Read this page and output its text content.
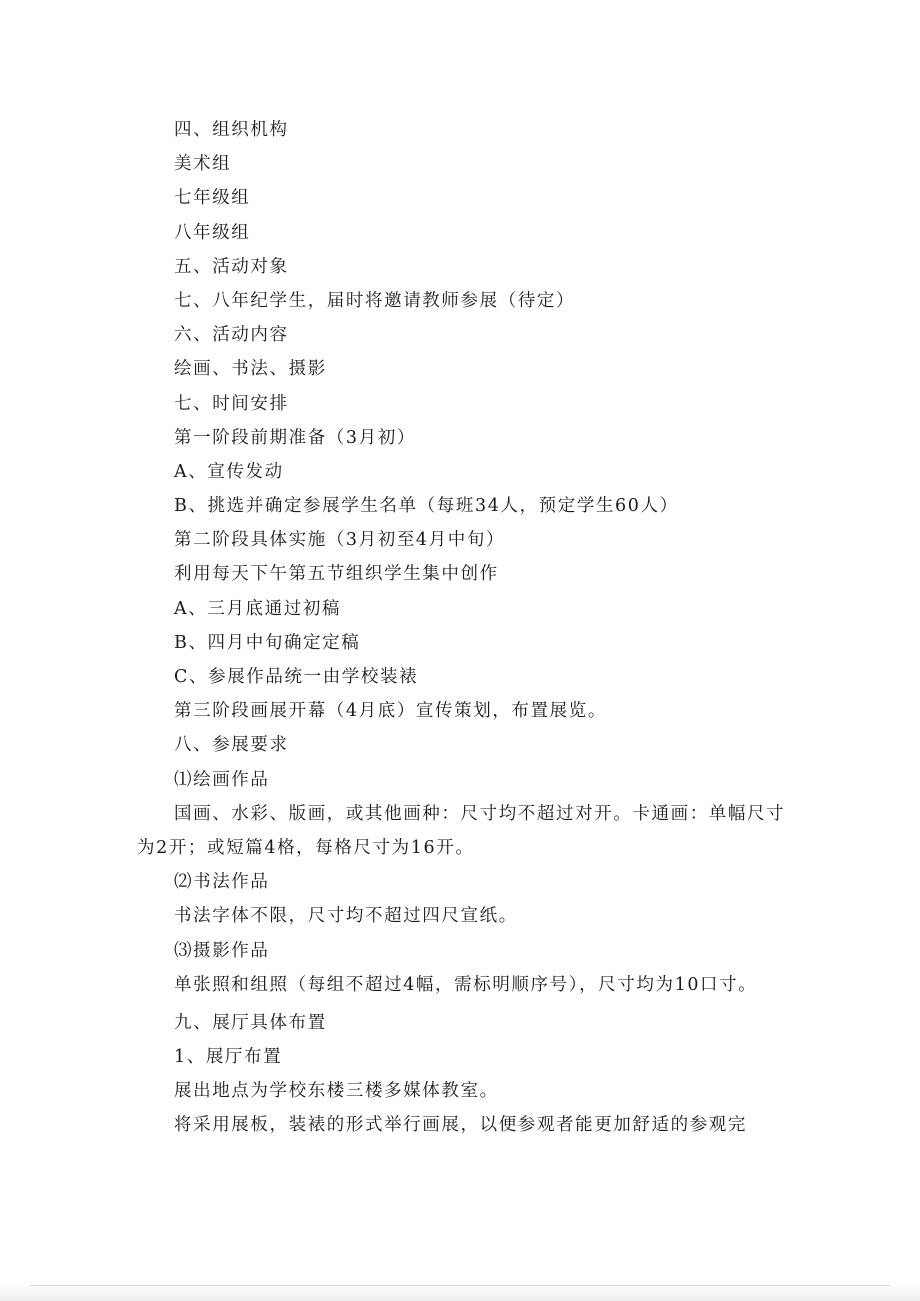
四、组织机构
美术组
七年级组
八年级组
五、活动对象
七、八年纪学生，届时将邀请教师参展（待定）
六、活动内容
绘画、书法、摄影
七、时间安排
第一阶段前期准备（3月初）
A、宣传发动
B、挑选并确定参展学生名单（每班34人，预定学生60人）
第二阶段具体实施（3月初至4月中旬）
利用每天下午第五节组织学生集中创作
A、三月底通过初稿
B、四月中旬确定定稿
C、参展作品统一由学校装裱
第三阶段画展开幕（4月底）宣传策划，布置展览。
八、参展要求
⑴绘画作品
国画、水彩、版画，或其他画种：尺寸均不超过对开。卡通画：单幅尺寸为2开；或短篇4格，每格尺寸为16开。
⑵书法作品
书法字体不限，尺寸均不超过四尺宣纸。
⑶摄影作品
单张照和组照（每组不超过4幅，需标明顺序号），尺寸均为10口寸。
九、展厅具体布置
1、展厅布置
展出地点为学校东楼三楼多媒体教室。
将采用展板，装裱的形式举行画展，以便参观者能更加舒适的参观完
